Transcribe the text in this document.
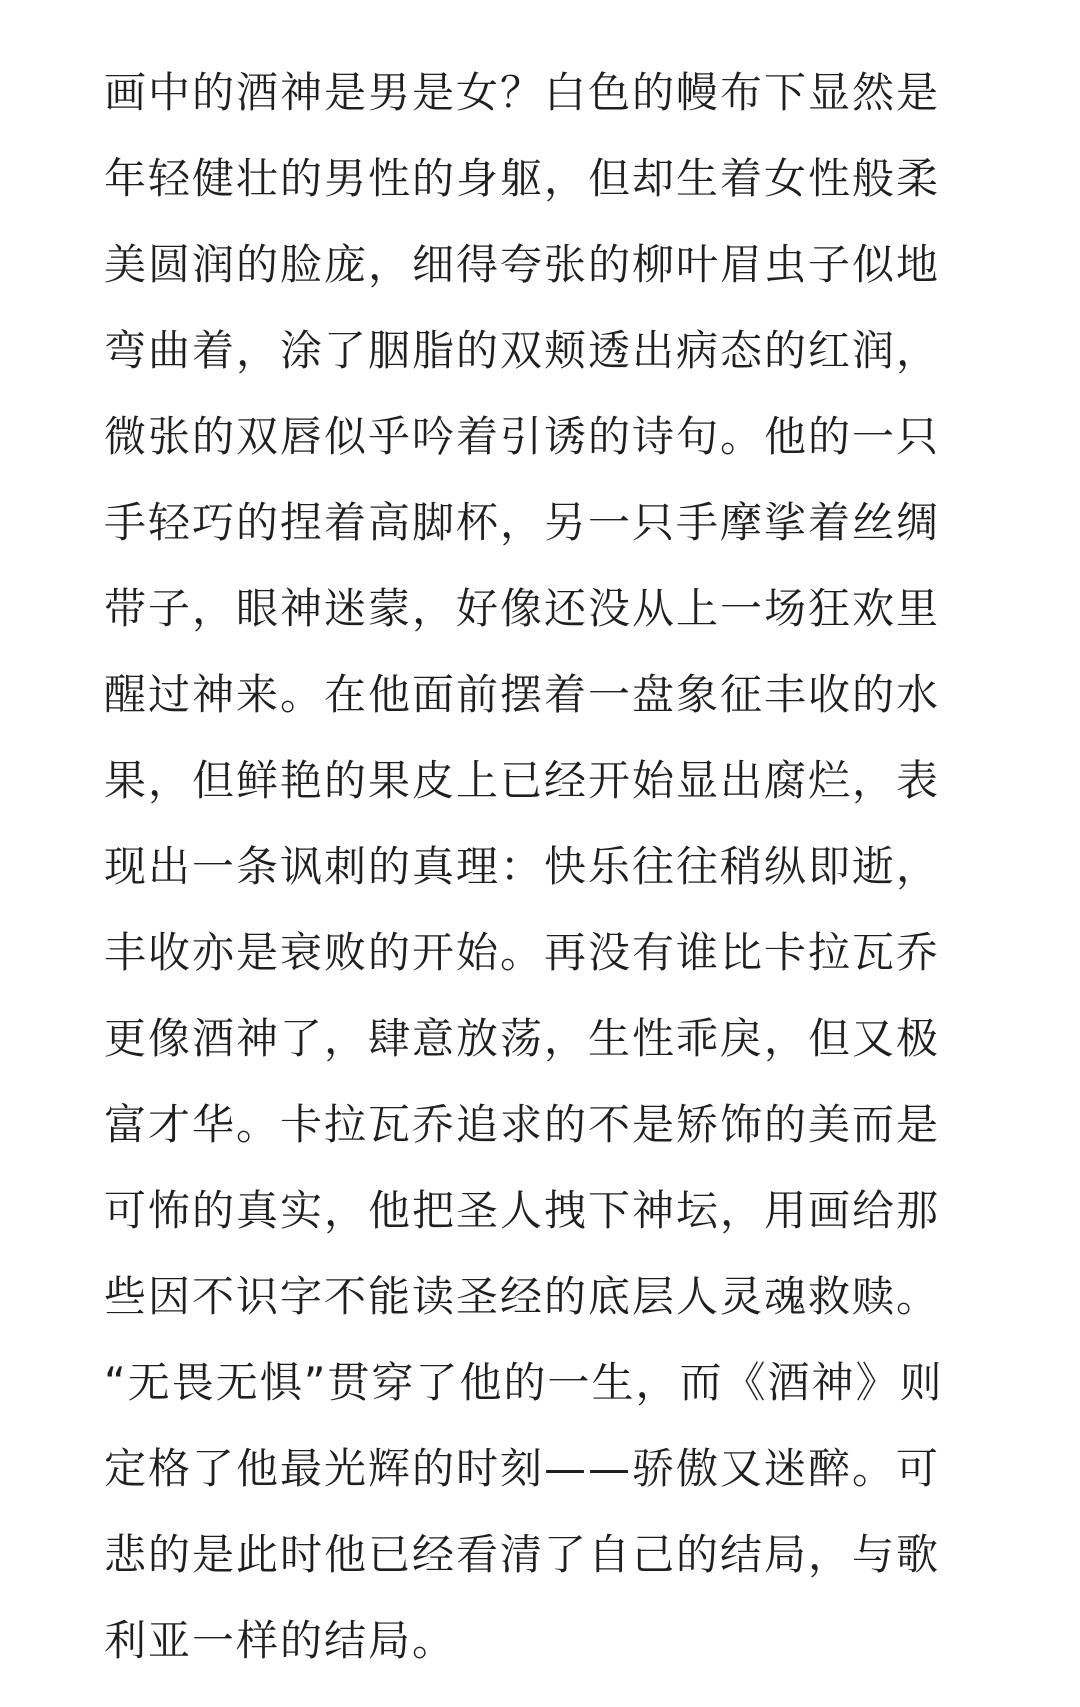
画中的酒神是男是女？白色的幔布下显然是
年轻健壮的男性的身躯，但却生着女性般柔
美圆润的脸庞，细得夸张的柳叶眉虫子似地
弯曲着，涂了胭脂的双颊透出病态的红润，
微张的双唇似乎吟着引诱的诗句。他的一只
手轻巧的捏着高脚杯，另一只手摩挲着丝绸
带子，眼神迷蒙，好像还没从上一场狂欢里
醒过神来。在他面前摆着一盘象征丰收的水
果，但鲜艳的果皮上已经开始显出腐烂，表
现出一条讽刺的真理：快乐往往稍纵即逝，
丰收亦是衰败的开始。再没有谁比卡拉瓦乔
更像酒神了，肆意放荡，生性乖戾，但又极
富才华。卡拉瓦乔追求的不是矫饰的美而是
可怖的真实，他把圣人拽下神坛，用画给那
些因不识字不能读圣经的底层人灵魂救赎。
“无畏无惧”贯穿了他的一生，而《酒神》则
定格了他最光辉的时刻——骄傲又迷醉。可
悲的是此时他已经看清了自己的结局，与歌
利亚一样的结局。
